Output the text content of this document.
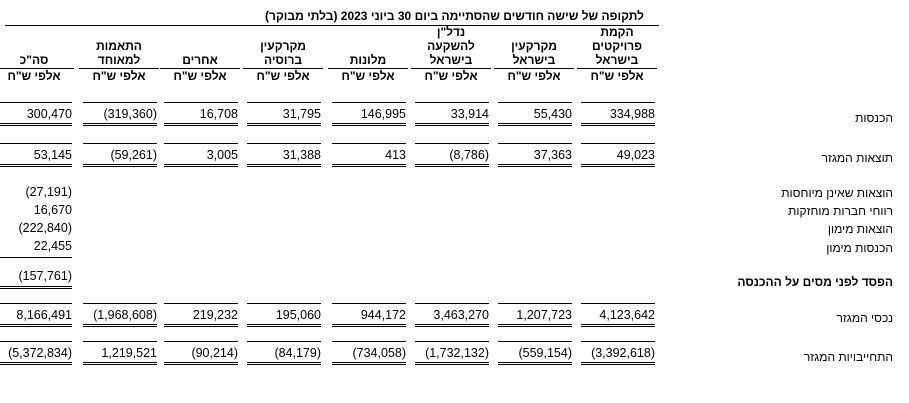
לתקופה של שישה חודשים שהסתיימה ביום 30 ביוני 2023 (בלתי מבוקר)
הקמת
פרויקטים
בישראל
אלפי ש"ח
מקרקעין
בישראל
אלפי ש"ח
נדל"ן
להשקעה
בישראל
אלפי ש"ח
מלונות
אלפי ש"ח
מקרקעין
ברוסיה
אלפי ש"ח
אחרים
אלפי ש"ח
התאמות
למאוחד
אלפי ש"ח
סה"כ
אלפי ש"ח
הכנסות
334,988
55,430
33,914
146,995
31,795
16,708
(319,360)
300,470
תוצאות המגזר
49,023
37,363
(8,786)
413
31,388
3,005
(59,261)
53,145
הוצאות שאינן מיוחסות
(27,191)
רווחי חברות מוחזקות
16,670
הוצאות מימון
(222,840)
הכנסות מימון
22,455
הפסד לפני מסים על ההכנסה
(157,761)
נכסי המגזר
4,123,642
1,207,723
3,463,270
944,172
195,060
219,232
(1,968,608)
8,166,491
התחייבויות המגזר
(3,392,618)
(559,154)
(1,732,132)
(734,058)
(84,179)
(90,214)
1,219,521
(5,372,834)
